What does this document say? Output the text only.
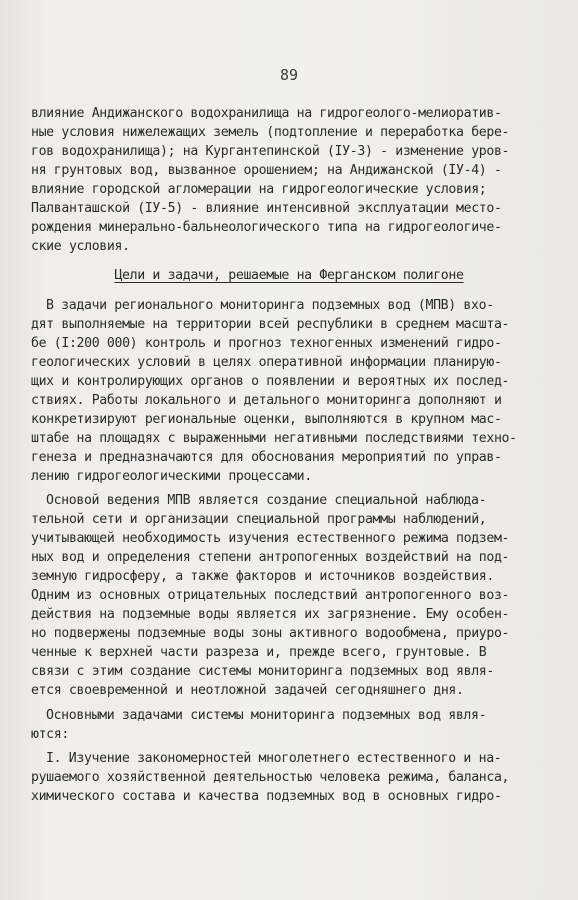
89
влияние Андижанского водохранилища на гидрогеолого-мелиоратив-
ные условия нижележащих земель (подтопление и переработка бере-
гов водохранилища); на Кургантепинской (IУ-3) - изменение уров-
ня грунтовых вод, вызванное орошением; на Андижанской (IУ-4) -
влияние городской агломерации на гидрогеологические условия;
Палванташской (IУ-5) - влияние интенсивной эксплуатации место-
рождения минерально-бальнеологического типа на гидрогеологиче-
ские условия.
Цели и задачи, решаемые на Ферганском полигоне
В задачи регионального мониторинга подземных вод (МПВ) вхо-
дят выполняемые на территории всей республики в среднем масшта-
бе (I:200 000) контроль и прогноз техногенных изменений гидро-
геологических условий в целях оперативной информации планирую-
щих и контролирующих органов о появлении и вероятных их послед-
ствиях. Работы локального и детального мониторинга дополняют и
конкретизируют региональные оценки, выполняются в крупном мас-
штабе на площадях с выраженными негативными последствиями техно-
генеза и предназначаются для обоснования мероприятий по управ-
лению гидрогеологическими процессами.
Основой ведения МПВ является создание специальной наблюда-
тельной сети и организации специальной программы наблюдений,
учитывающей необходимость изучения естественного режима подзем-
ных вод и определения степени антропогенных воздействий на под-
земную гидросферу, а также факторов и источников воздействия.
Одним из основных отрицательных последствий антропогенного воз-
действия на подземные воды является их загрязнение. Ему особен-
но подвержены подземные воды зоны активного водообмена, приуро-
ченные к верхней части разреза и, прежде всего, грунтовые. В
связи с этим создание системы мониторинга подземных вод явля-
ется своевременной и неотложной задачей сегодняшнего дня.
Основными задачами системы мониторинга подземных вод явля-
ются:
I. Изучение закономерностей многолетнего естественного и на-
рушаемого хозяйственной деятельностью человека режима, баланса,
химического состава и качества подземных вод в основных гидро-
